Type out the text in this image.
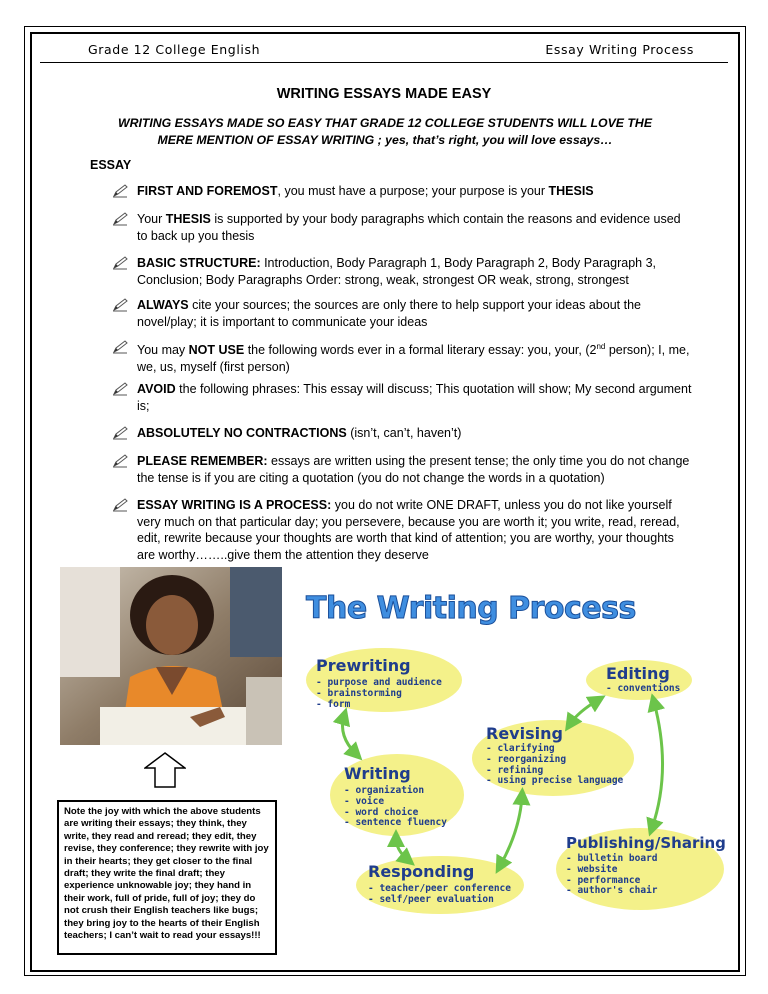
Grade 12 College English	Essay Writing Process
WRITING ESSAYS MADE EASY
WRITING ESSAYS MADE SO EASY THAT GRADE 12 COLLEGE STUDENTS WILL LOVE THE
MERE MENTION OF ESSAY WRITING ; yes, that’s right, you will love essays…
ESSAY
FIRST AND FOREMOST, you must have a purpose; your purpose is your THESIS
Your THESIS is supported by your body paragraphs which contain the reasons and evidence used to back up you thesis
BASIC STRUCTURE: Introduction, Body Paragraph 1, Body Paragraph 2, Body Paragraph 3, Conclusion; Body Paragraphs Order: strong, weak, strongest OR weak, strong, strongest
ALWAYS cite your sources; the sources are only there to help support your ideas about the novel/play; it is important to communicate your ideas
You may NOT USE the following words ever in a formal literary essay: you, your, (2nd person); I, me, we, us, myself (first person)
AVOID the following phrases: This essay will discuss; This quotation will show; My second argument is;
ABSOLUTELY NO CONTRACTIONS (isn’t, can’t, haven’t)
PLEASE REMEMBER: essays are written using the present tense; the only time you do not change the tense is if you are citing a quotation (you do not change the words in a quotation)
ESSAY WRITING IS A PROCESS: you do not write ONE DRAFT, unless you do not like yourself very much on that particular day; you persevere, because you are worth it; you write, read, reread, edit, rewrite because your thoughts are worth that kind of attention; you are worthy, your thoughts are worthy……..give them the attention they deserve
Note the joy with which the above students are writing their essays; they think, they write, they read and reread; they edit, they revise, they conference; they rewrite with joy in their hearts; they get closer to the final draft; they write the final draft; they experience unknowable joy; they hand in their work, full of pride, full of joy; they do not crush their English teachers like bugs; they bring joy to the hearts of their English teachers; I can’t wait to read your essays!!!
The Writing Process
Prewriting
- purpose and audience
- brainstorming
- form
Editing
- conventions
Revising
- clarifying
- reorganizing
- refining
- using precise language
Writing
- organization
- voice
- word choice
- sentence fluency
Publishing/Sharing
- bulletin board
- website
- performance
- author's chair
Responding
- teacher/peer conference
- self/peer evaluation
